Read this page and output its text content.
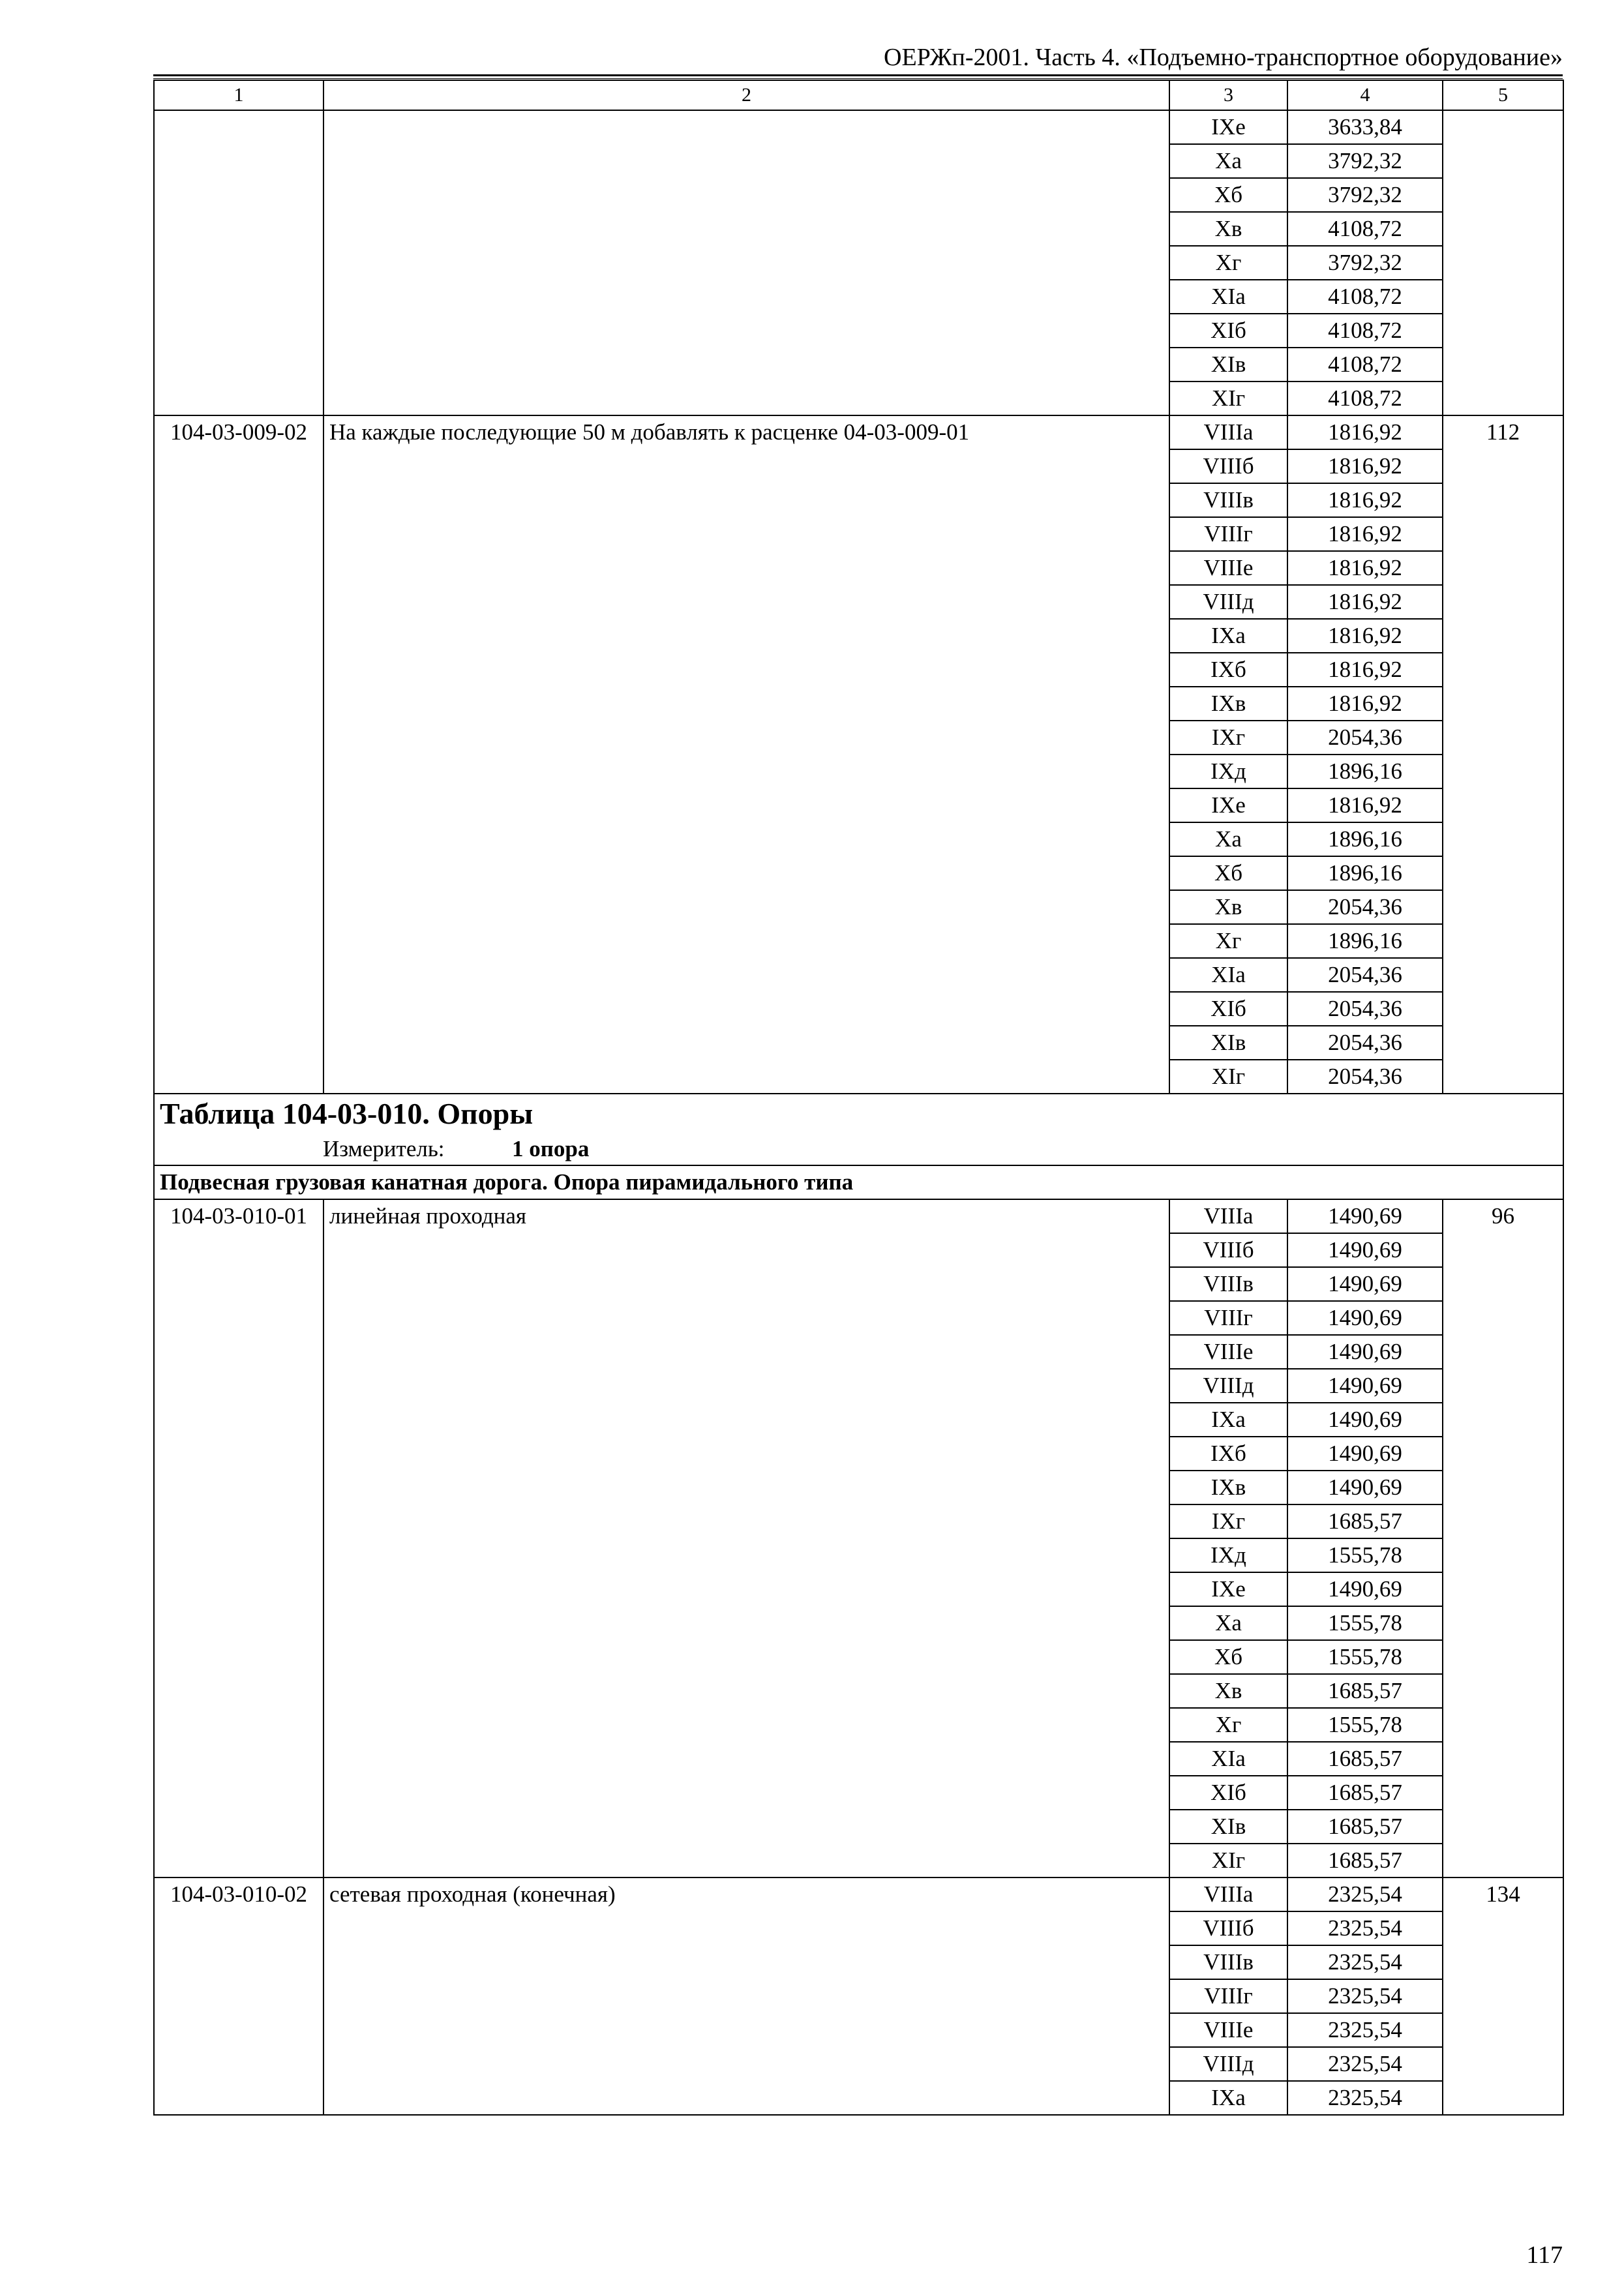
ОЕРЖп-2001. Часть 4. «Подъемно-транспортное оборудование»
1	2	3	4	5
		IXе	3633,84	
		Xа	3792,32	
		Xб	3792,32	
		Xв	4108,72	
		Xг	3792,32	
		XIа	4108,72	
		XIб	4108,72	
		XIв	4108,72	
		XIг	4108,72	
104-03-009-02	На каждые последующие 50 м добавлять к расценке 04-03-009-01	VIIIа	1816,92	112
		VIIIб	1816,92	
		VIIIв	1816,92	
		VIIIг	1816,92	
		VIIIе	1816,92	
		VIIIд	1816,92	
		IXа	1816,92	
		IXб	1816,92	
		IXв	1816,92	
		IXг	2054,36	
		IXд	1896,16	
		IXе	1816,92	
		Xа	1896,16	
		Xб	1896,16	
		Xв	2054,36	
		Xг	1896,16	
		XIа	2054,36	
		XIб	2054,36	
		XIв	2054,36	
		XIг	2054,36	

Таблица 104-03-010. Опоры
Измеритель: 1 опора				

Подвесная грузовая канатная дорога. Опора пирамидального типа				
104-03-010-01	линейная проходная	VIIIа	1490,69	96
		VIIIб	1490,69	
		VIIIв	1490,69	
		VIIIг	1490,69	
		VIIIе	1490,69	
		VIIIд	1490,69	
		IXа	1490,69	
		IXб	1490,69	
		IXв	1490,69	
		IXг	1685,57	
		IXд	1555,78	
		IXе	1490,69	
		Xа	1555,78	
		Xб	1555,78	
		Xв	1685,57	
		Xг	1555,78	
		XIа	1685,57	
		XIб	1685,57	
		XIв	1685,57	
		XIг	1685,57	
104-03-010-02	сетевая проходная (конечная)	VIIIа	2325,54	134
		VIIIб	2325,54	
		VIIIв	2325,54	
		VIIIг	2325,54	
		VIIIе	2325,54	
		VIIIд	2325,54	
		IXа	2325,54	
117
